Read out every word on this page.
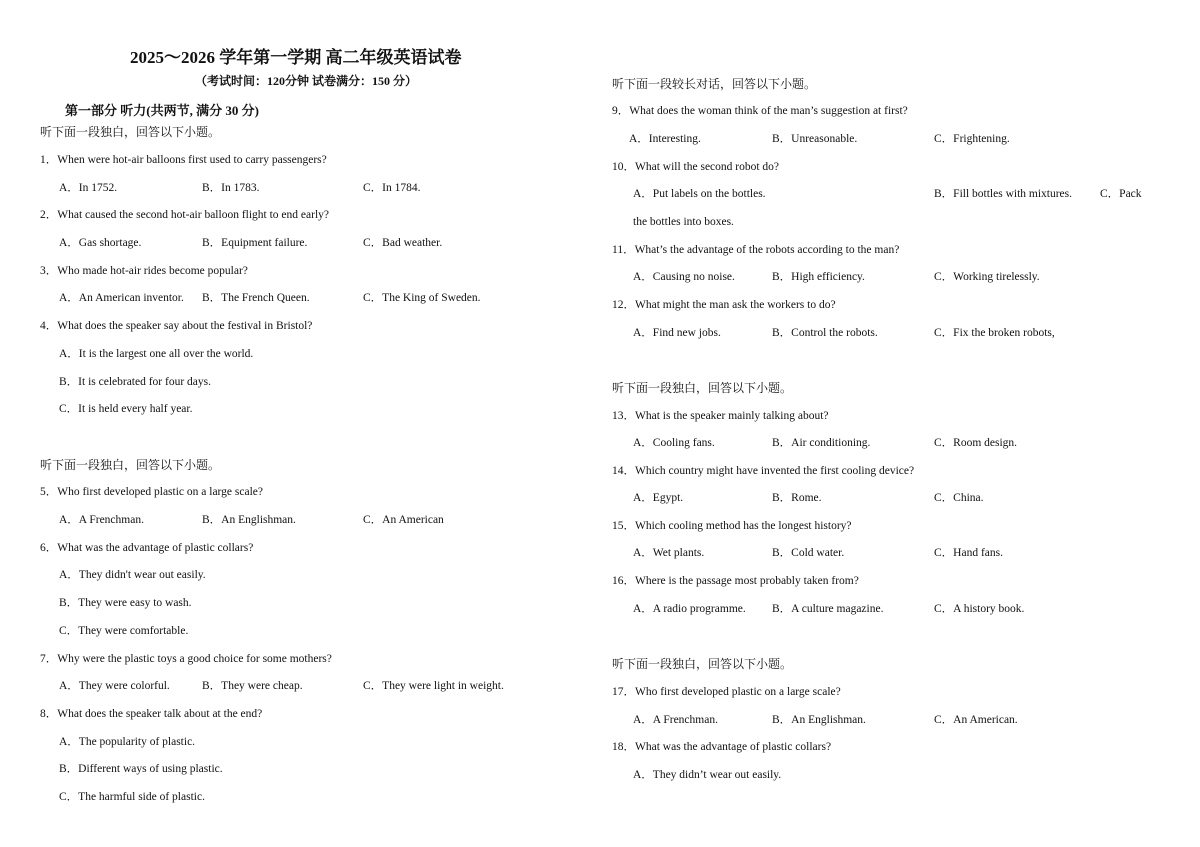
2025～2026 学年第一学期 高二年级英语试卷
（考试时间：120分钟 试卷满分：150 分）
第一部分 听力(共两节, 满分 30 分)
听下面一段独白，回答以下小题。
1．When were hot-air balloons first used to carry passengers?
A．In 1752.	B．In 1783.	C．In 1784.
2．What caused the second hot-air balloon flight to end early?
A．Gas shortage.	B．Equipment failure.	C．Bad weather.
3．Who made hot-air rides become popular?
A．An American inventor. B．The French Queen.	C．The King of Sweden.
4．What does the speaker say about the festival in Bristol?
A．It is the largest one all over the world.
B．It is celebrated for four days.
C．It is held every half year.
听下面一段独白，回答以下小题。
5．Who first developed plastic on a large scale?
A．A Frenchman.	B．An Englishman.	C．An American
6．What was the advantage of plastic collars?
A．They didn't wear out easily.
B．They were easy to wash.
C．They were comfortable.
7．Why were the plastic toys a good choice for some mothers?
A．They were colorful.	B．They were cheap.	C．They were light in weight.
8．What does the speaker talk about at the end?
A．The popularity of plastic.
B．Different ways of using plastic.
C．The harmful side of plastic.
听下面一段较长对话，回答以下小题。
9．What does the woman think of the man’s suggestion at first?
A．Interesting.	B．Unreasonable.	C．Frightening.
10．What will the second robot do?
A．Put labels on the bottles.	B．Fill bottles with mixtures. C．Pack
the bottles into boxes.
11．What’s the advantage of the robots according to the man?
A．Causing no noise.	B．High efficiency.	C．Working tirelessly.
12．What might the man ask the workers to do?
A．Find new jobs.	B．Control the robots.	C．Fix the broken robots,
听下面一段独白，回答以下小题。
13．What is the speaker mainly talking about?
A．Cooling fans.	B．Air conditioning.	C．Room design.
14．Which country might have invented the first cooling device?
A．Egypt.	B．Rome.	C．China.
15．Which cooling method has the longest history?
A．Wet plants.	B．Cold water.	C．Hand fans.
16．Where is the passage most probably taken from?
A．A radio programme. B．A culture magazine.	C．A history book.
听下面一段独白，回答以下小题。
17．Who first developed plastic on a large scale?
A．A Frenchman.	B．An Englishman.	C．An American.
18．What was the advantage of plastic collars?
A．They didn’t wear out easily.
